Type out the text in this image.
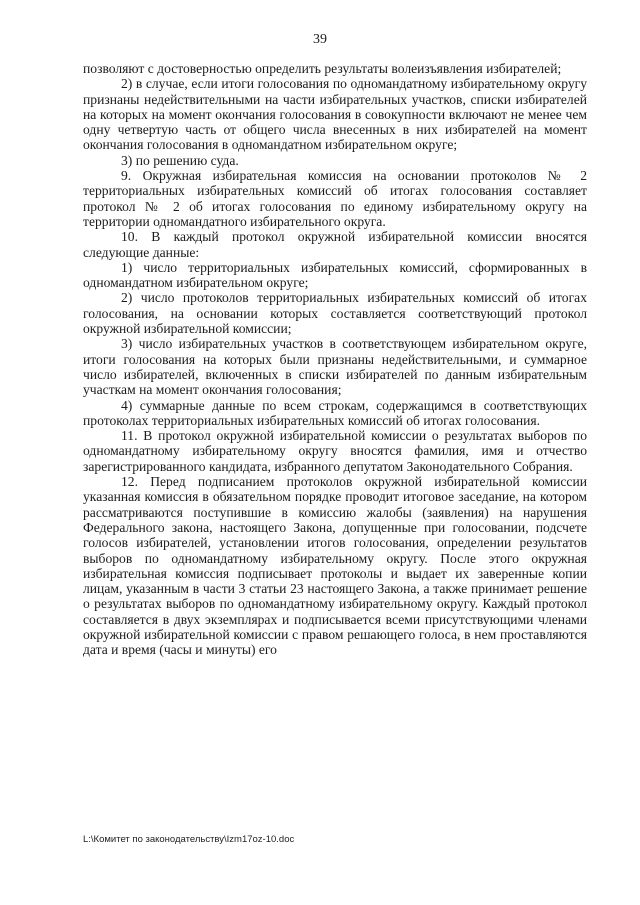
39

позволяют с достоверностью определить результаты волеизъявления избирателей;

2) в случае, если итоги голосования по одномандатному избирательному округу признаны недействительными на части избирательных участков, списки избирателей на которых на момент окончания голосования в совокупности включают не менее чем одну четвертую часть от общего числа внесенных в них избирателей на момент окончания голосования в одномандатном избирательном округе;

3) по решению суда.

9. Окружная избирательная комиссия на основании протоколов № 2 территориальных избирательных комиссий об итогах голосования составляет протокол № 2 об итогах голосования по единому избирательному округу на территории одномандатного избирательного округа.

10. В каждый протокол окружной избирательной комиссии вносятся следующие данные:

1) число территориальных избирательных комиссий, сформированных в одномандатном избирательном округе;

2) число протоколов территориальных избирательных комиссий об итогах голосования, на основании которых составляется соответствующий протокол окружной избирательной комиссии;

3) число избирательных участков в соответствующем избирательном округе, итоги голосования на которых были признаны недействительными, и суммарное число избирателей, включенных в списки избирателей по данным избирательным участкам на момент окончания голосования;

4) суммарные данные по всем строкам, содержащимся в соответствующих протоколах территориальных избирательных комиссий об итогах голосования.

11. В протокол окружной избирательной комиссии о результатах выборов по одномандатному избирательному округу вносятся фамилия, имя и отчество зарегистрированного кандидата, избранного депутатом Законодательного Собрания.

12. Перед подписанием протоколов окружной избирательной комиссии указанная комиссия в обязательном порядке проводит итоговое заседание, на котором рассматриваются поступившие в комиссию жалобы (заявления) на нарушения Федерального закона, настоящего Закона, допущенные при голосовании, подсчете голосов избирателей, установлении итогов голосования, определении результатов выборов по одномандатному избирательному округу. После этого окружная избирательная комиссия подписывает протоколы и выдает их заверенные копии лицам, указанным в части 3 статьи 23 настоящего Закона, а также принимает решение о результатах выборов по одномандатному избирательному округу. Каждый протокол составляется в двух экземплярах и подписывается всеми присутствующими членами окружной избирательной комиссии с правом решающего голоса, в нем проставляются дата и время (часы и минуты) его

L:\Комитет по законодательству\Izm17oz-10.doc
